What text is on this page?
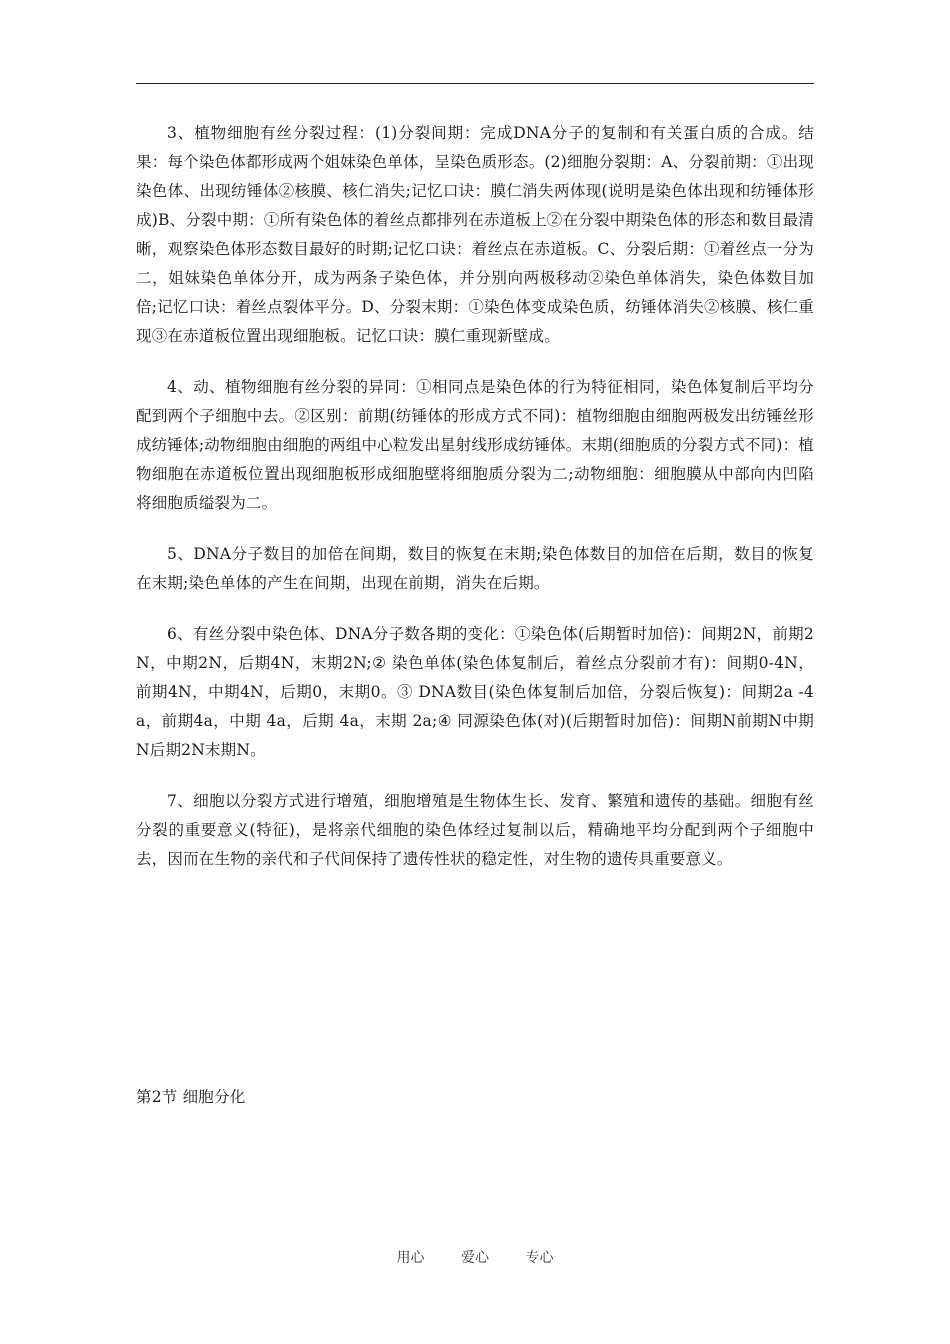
3、植物细胞有丝分裂过程：(1)分裂间期：完成DNA分子的复制和有关蛋白质的合成。结果：每个染色体都形成两个姐妹染色单体，呈染色质形态。(2)细胞分裂期：A、分裂前期：①出现染色体、出现纺锤体②核膜、核仁消失;记忆口诀：膜仁消失两体现(说明是染色体出现和纺锤体形成)B、分裂中期：①所有染色体的着丝点都排列在赤道板上②在分裂中期染色体的形态和数目最清晰，观察染色体形态数目最好的时期;记忆口诀：着丝点在赤道板。C、分裂后期：①着丝点一分为二，姐妹染色单体分开，成为两条子染色体，并分别向两极移动②染色单体消失，染色体数目加倍;记忆口诀：着丝点裂体平分。D、分裂末期：①染色体变成染色质，纺锤体消失②核膜、核仁重现③在赤道板位置出现细胞板。记忆口诀：膜仁重现新壁成。

4、动、植物细胞有丝分裂的异同：①相同点是染色体的行为特征相同，染色体复制后平均分配到两个子细胞中去。②区别：前期(纺锤体的形成方式不同)：植物细胞由细胞两极发出纺锤丝形成纺锤体;动物细胞由细胞的两组中心粒发出星射线形成纺锤体。末期(细胞质的分裂方式不同)：植物细胞在赤道板位置出现细胞板形成细胞壁将细胞质分裂为二;动物细胞：细胞膜从中部向内凹陷将细胞质缢裂为二。

5、DNA分子数目的加倍在间期，数目的恢复在末期;染色体数目的加倍在后期，数目的恢复在末期;染色单体的产生在间期，出现在前期，消失在后期。

6、有丝分裂中染色体、DNA分子数各期的变化：①染色体(后期暂时加倍)：间期2N，前期2N，中期2N，后期4N，末期2N;② 染色单体(染色体复制后，着丝点分裂前才有)：间期0-4N，前期4N，中期4N，后期0，末期0。③ DNA数目(染色体复制后加倍，分裂后恢复)：间期2a -4a，前期4a，中期 4a，后期 4a，末期 2a;④ 同源染色体(对)(后期暂时加倍)：间期N前期N中期 N后期2N末期N。

7、细胞以分裂方式进行增殖，细胞增殖是生物体生长、发育、繁殖和遗传的基础。细胞有丝分裂的重要意义(特征)，是将亲代细胞的染色体经过复制以后，精确地平均分配到两个子细胞中去，因而在生物的亲代和子代间保持了遗传性状的稳定性，对生物的遗传具重要意义。

第2节 细胞分化
用心	爱心	专心
